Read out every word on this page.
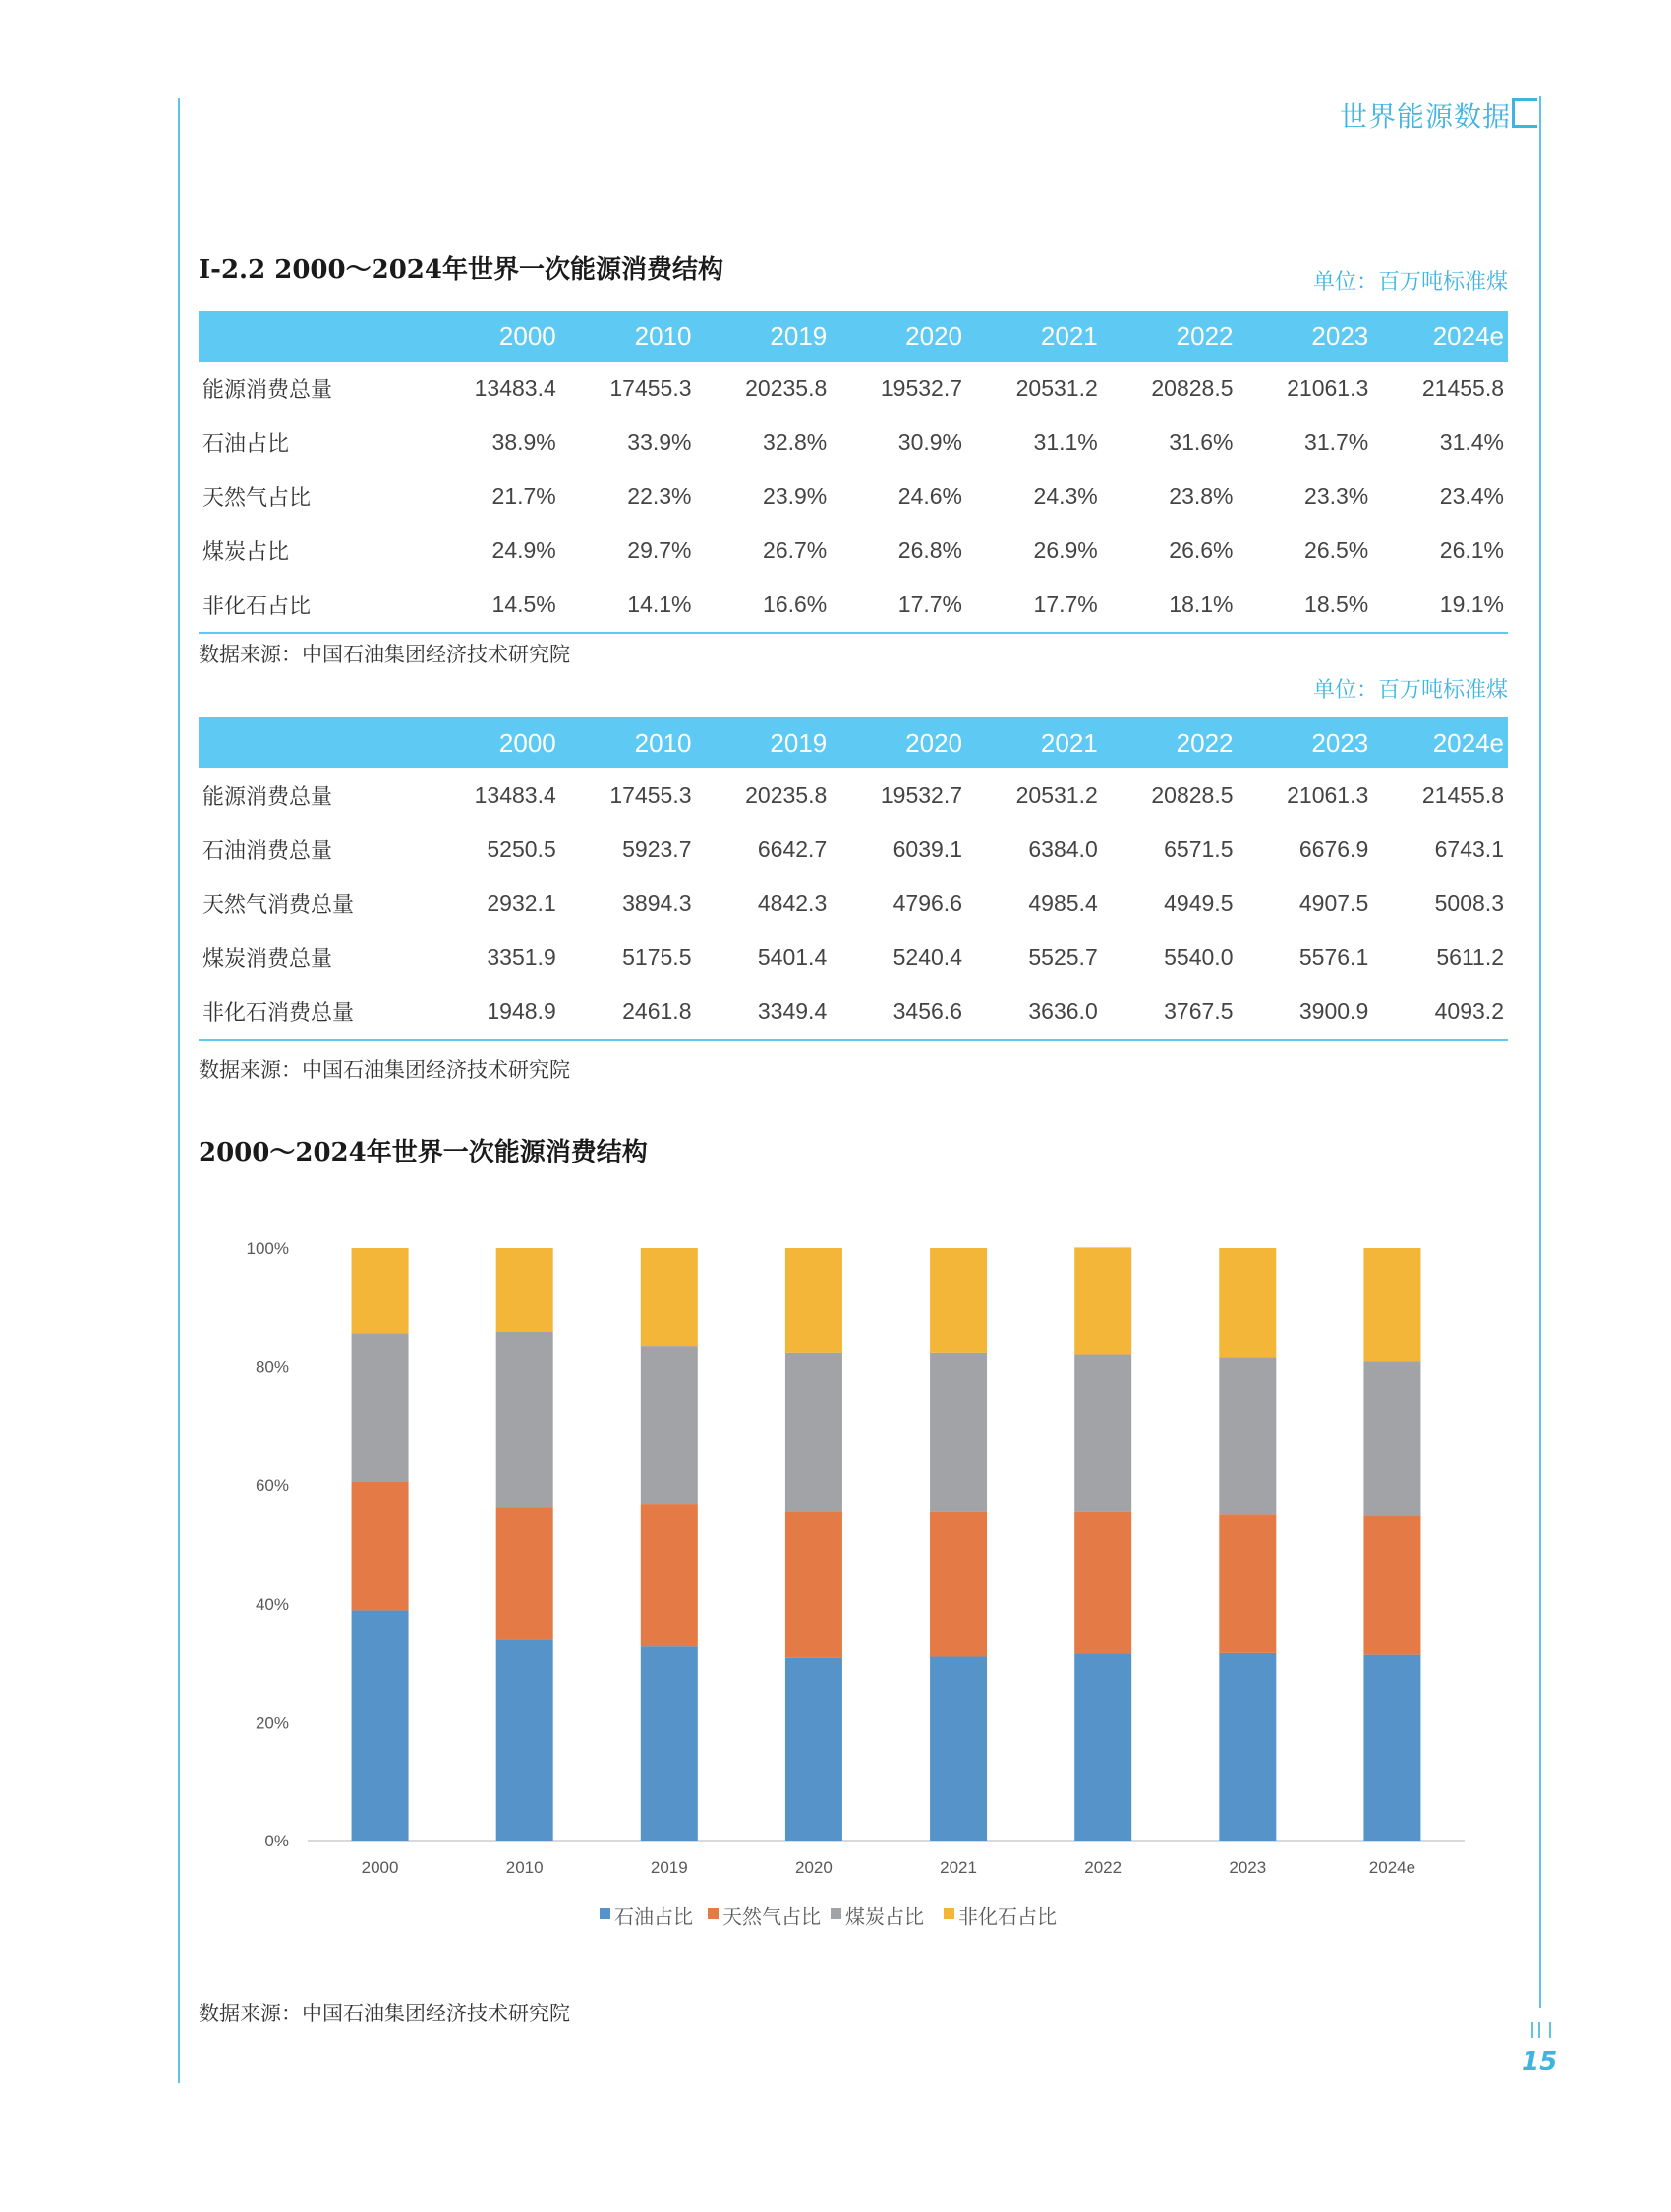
世界能源数据
I-2.2 2000～2024年世界一次能源消费结构	单位：百万吨标准煤
	2000	2010	2019	2020	2021	2022	2023	2024e
能源消费总量	13483.4	17455.3	20235.8	19532.7	20531.2	20828.5	21061.3	21455.8
石油占比	38.9%	33.9%	32.8%	30.9%	31.1%	31.6%	31.7%	31.4%
天然气占比	21.7%	22.3%	23.9%	24.6%	24.3%	23.8%	23.3%	23.4%
煤炭占比	24.9%	29.7%	26.7%	26.8%	26.9%	26.6%	26.5%	26.1%
非化石占比	14.5%	14.1%	16.6%	17.7%	17.7%	18.1%	18.5%	19.1%
数据来源：中国石油集团经济技术研究院
单位：百万吨标准煤
	2000	2010	2019	2020	2021	2022	2023	2024e
能源消费总量	13483.4	17455.3	20235.8	19532.7	20531.2	20828.5	21061.3	21455.8
石油消费总量	5250.5	5923.7	6642.7	6039.1	6384.0	6571.5	6676.9	6743.1
天然气消费总量	2932.1	3894.3	4842.3	4796.6	4985.4	4949.5	4907.5	5008.3
煤炭消费总量	3351.9	5175.5	5401.4	5240.4	5525.7	5540.0	5576.1	5611.2
非化石消费总量	1948.9	2461.8	3349.4	3456.6	3636.0	3767.5	3900.9	4093.2
数据来源：中国石油集团经济技术研究院
2000～2024年世界一次能源消费结构
0%
20%
40%
60%
80%
100%
2000	2010	2019	2020	2021	2022	2023	2024e
石油占比 天然气占比 煤炭占比 非化石占比
数据来源：中国石油集团经济技术研究院
15
